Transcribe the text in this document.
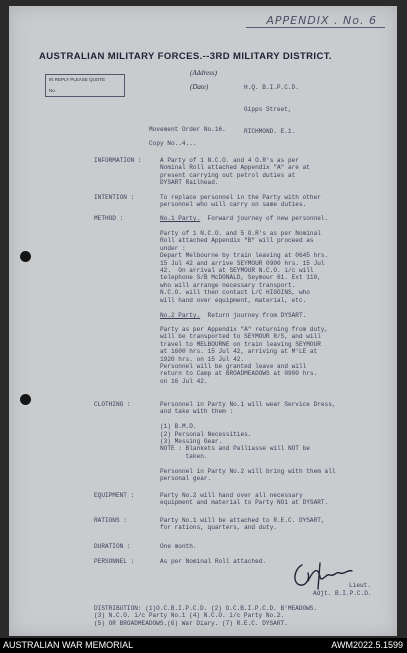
APPENDIX . No. 6
AUSTRALIAN MILITARY FORCES.--3RD MILITARY DISTRICT.
IN REPLY PLEASE QUOTE
No.
(Address)
(Date)

	H.Q. B.I.P.C.D.

Gipps Street,

RICHMOND. E.1.

Movement Order No.16.
Copy No..4...
INFORMATION :	A Party of 1 N.C.O. and 4 O.R's as per
Nominal Roll attached Appendix "A" are at
present carrying out petrol duties at
DYSART Railhead.
INTENTION :	To replace personnel in the Party with other
personnel who will carry on same duties.
METHOD :	No.1 Party.  Forward journey of new personnel.
Party of 1 N.C.O. and 5 O.R's as per Nominal
Roll attached Appendix "B" will proceed as
under :
Depart Melbourne by train leaving at 0645 hrs.
15 Jul 42 and arrive SEYMOUR 0900 hrs. 15 Jul
42.  On arrival at SEYMOUR N.C.O. i/c will
telephone S/B McDONALD, Seymour 61. Ext 110,
who will arrange necessary transport.
N.C.O. will then contact L/C HIGGINS, who
will hand over equipment, material, etc.
No.2 Party.  Return journey from DYSART.
Party as per Appendix "A" returning from duty,
will be transported to SEYMOUR R/S, and will
travel to MELBOURNE on train leaving SEYMOUR
at 1600 hrs. 15 Jul 42, arriving at M'LE at
1920 hrs. on 15 Jul 42.
Personnel will be granted leave and will
return to Camp at BROADMEADOWS at 0900 hrs.
on 16 Jul 42.
CLOTHING :	Personnel in Party No.1 will wear Service Dress,
and take with them :

(1) B.M.D.
(2) Personal Necessities.
(3) Messing Gear.
NOTE : Blankets and Palliasse will NOT be
taken.

Personnel in Party No.2 will bring with them all
personal gear.
EQUIPMENT :	Party No.2 will hand over all necessary
equipment and material to Party NO1 at DYSART.
RATIONS :	Party No.1 will be attached to R.E.C. DYSART,
for rations, quarters, and duty.
DURATION :	One month.
PERSONNEL :	As per Nominal Roll attached.
Lieut.
Adjt. B.I.P.C.D.
DISTRIBUTION: (1)O.C.B.I.P.C.D. (2) O.C.B.I.P.C.D. B'MEADOWS.
(3) N.C.O. i/c Party No.1 (4) N.C.O. i/c Party No.2.
(5) OR BROADMEADOWS.(6) War Diary. (7) R.E.C. DYSART.
AUSTRALIAN WAR MEMORIAL	AWM2022.5.1599
